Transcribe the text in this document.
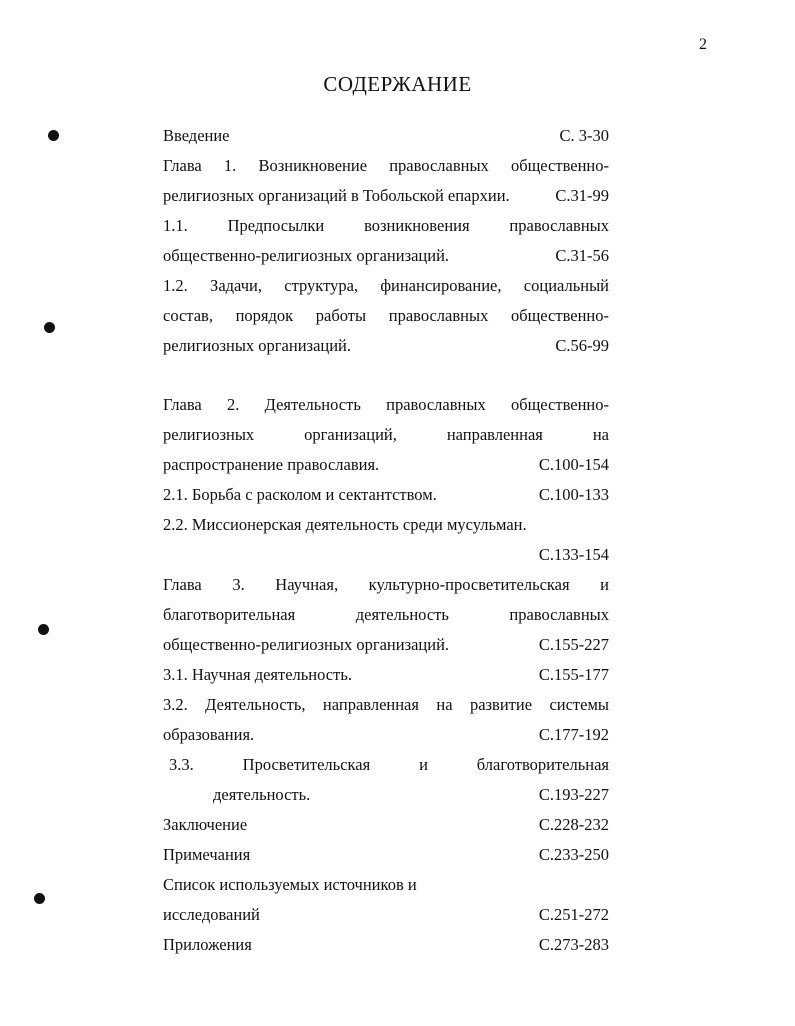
2
СОДЕРЖАНИЕ
Введение	С. 3-30
Глава 1. Возникновение православных общественно-
религиозных организаций в Тобольской епархии.	С.31-99
1.1. Предпосылки возникновения православных
общественно-религиозных организаций.	С.31-56
1.2. Задачи, структура, финансирование, социальный
состав, порядок работы православных общественно-
религиозных организаций.	С.56-99
Глава 2. Деятельность православных общественно-
религиозных организаций, направленная на
распространение православия.	С.100-154
2.1. Борьба с расколом и сектантством.	С.100-133
2.2. Миссионерская деятельность среди мусульман.
С.133-154
Глава 3. Научная, культурно-просветительская и
благотворительная деятельность православных
общественно-религиозных организаций.	С.155-227
3.1. Научная деятельность.	С.155-177
3.2. Деятельность, направленная на развитие системы
образования.	С.177-192
3.3. Просветительская и благотворительная
деятельность.	С.193-227
Заключение	С.228-232
Примечания	С.233-250
Список используемых источников и
исследований	С.251-272
Приложения	С.273-283
